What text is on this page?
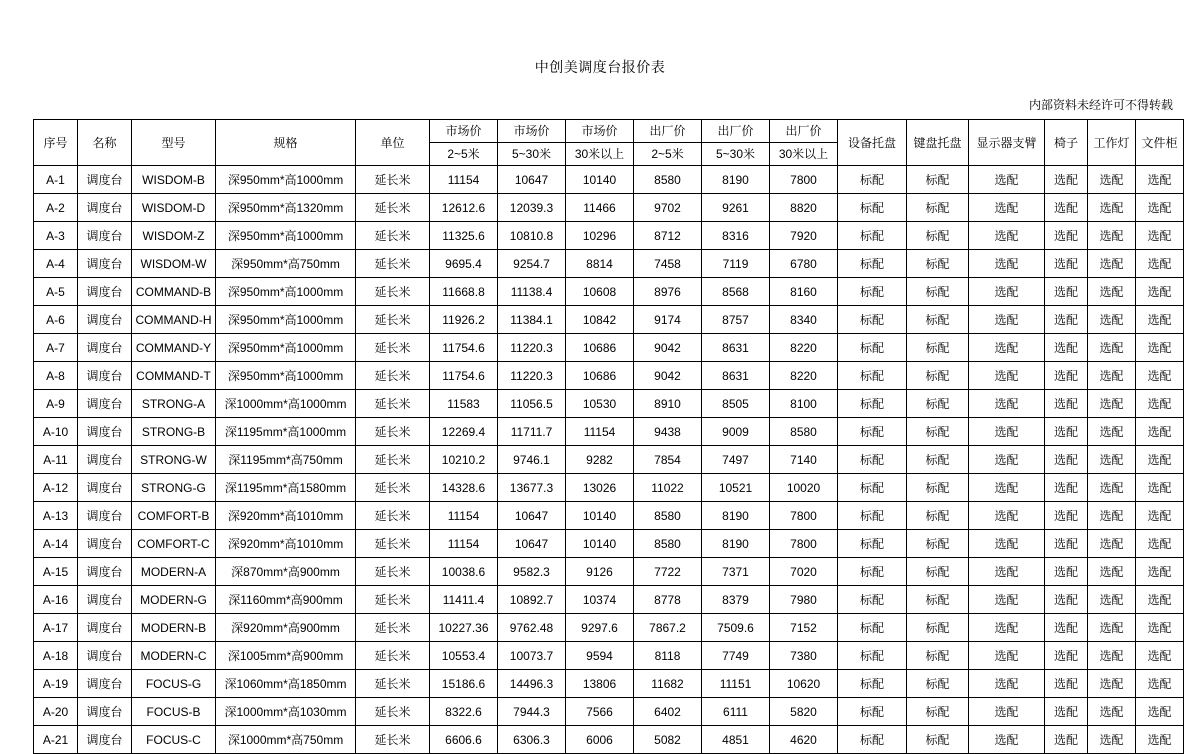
中创美调度台报价表
内部资料未经许可不得转载
序号	名称	型号	规格	单位	市场价	市场价	市场价	出厂价	出厂价	出厂价	设备托盘	键盘托盘	显示器支臂	椅子	工作灯	文件柜
					2~5米	5~30米	30米以上	2~5米	5~30米	30米以上						
A-1	调度台	WISDOM-B	深950mm*高1000mm	延长米	11154	10647	10140	8580	8190	7800	标配	标配	选配	选配	选配	选配
A-2	调度台	WISDOM-D	深950mm*高1320mm	延长米	12612.6	12039.3	11466	9702	9261	8820	标配	标配	选配	选配	选配	选配
A-3	调度台	WISDOM-Z	深950mm*高1000mm	延长米	11325.6	10810.8	10296	8712	8316	7920	标配	标配	选配	选配	选配	选配
A-4	调度台	WISDOM-W	深950mm*高750mm	延长米	9695.4	9254.7	8814	7458	7119	6780	标配	标配	选配	选配	选配	选配
A-5	调度台	COMMAND-B	深950mm*高1000mm	延长米	11668.8	11138.4	10608	8976	8568	8160	标配	标配	选配	选配	选配	选配
A-6	调度台	COMMAND-H	深950mm*高1000mm	延长米	11926.2	11384.1	10842	9174	8757	8340	标配	标配	选配	选配	选配	选配
A-7	调度台	COMMAND-Y	深950mm*高1000mm	延长米	11754.6	11220.3	10686	9042	8631	8220	标配	标配	选配	选配	选配	选配
A-8	调度台	COMMAND-T	深950mm*高1000mm	延长米	11754.6	11220.3	10686	9042	8631	8220	标配	标配	选配	选配	选配	选配
A-9	调度台	STRONG-A	深1000mm*高1000mm	延长米	11583	11056.5	10530	8910	8505	8100	标配	标配	选配	选配	选配	选配
A-10	调度台	STRONG-B	深1195mm*高1000mm	延长米	12269.4	11711.7	11154	9438	9009	8580	标配	标配	选配	选配	选配	选配
A-11	调度台	STRONG-W	深1195mm*高750mm	延长米	10210.2	9746.1	9282	7854	7497	7140	标配	标配	选配	选配	选配	选配
A-12	调度台	STRONG-G	深1195mm*高1580mm	延长米	14328.6	13677.3	13026	11022	10521	10020	标配	标配	选配	选配	选配	选配
A-13	调度台	COMFORT-B	深920mm*高1010mm	延长米	11154	10647	10140	8580	8190	7800	标配	标配	选配	选配	选配	选配
A-14	调度台	COMFORT-C	深920mm*高1010mm	延长米	11154	10647	10140	8580	8190	7800	标配	标配	选配	选配	选配	选配
A-15	调度台	MODERN-A	深870mm*高900mm	延长米	10038.6	9582.3	9126	7722	7371	7020	标配	标配	选配	选配	选配	选配
A-16	调度台	MODERN-G	深1160mm*高900mm	延长米	11411.4	10892.7	10374	8778	8379	7980	标配	标配	选配	选配	选配	选配
A-17	调度台	MODERN-B	深920mm*高900mm	延长米	10227.36	9762.48	9297.6	7867.2	7509.6	7152	标配	标配	选配	选配	选配	选配
A-18	调度台	MODERN-C	深1005mm*高900mm	延长米	10553.4	10073.7	9594	8118	7749	7380	标配	标配	选配	选配	选配	选配
A-19	调度台	FOCUS-G	深1060mm*高1850mm	延长米	15186.6	14496.3	13806	11682	11151	10620	标配	标配	选配	选配	选配	选配
A-20	调度台	FOCUS-B	深1000mm*高1030mm	延长米	8322.6	7944.3	7566	6402	6111	5820	标配	标配	选配	选配	选配	选配
A-21	调度台	FOCUS-C	深1000mm*高750mm	延长米	6606.6	6306.3	6006	5082	4851	4620	标配	标配	选配	选配	选配	选配
